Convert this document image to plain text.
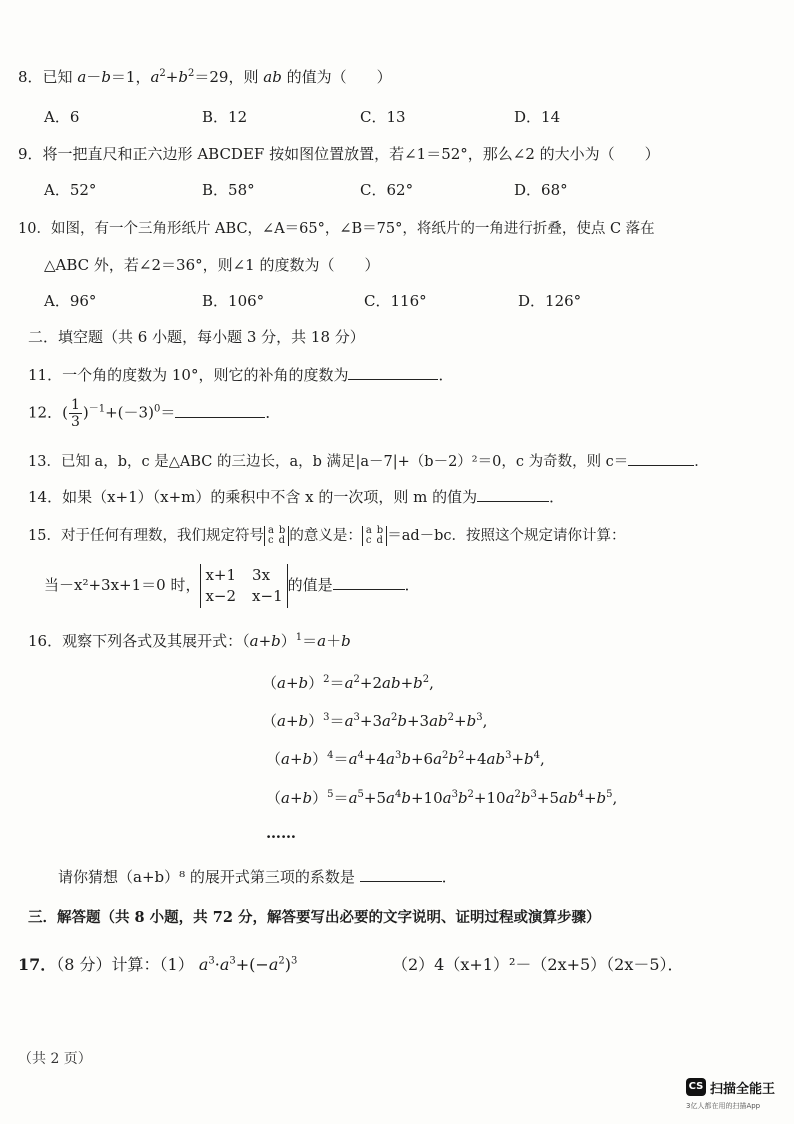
8．已知 a－b＝1，$a^2+b^2=29$，则 ab 的值为（　　）
A．6	B．12	C．13	D．14
9．将一把直尺和正六边形 ABCDEF 按如图位置放置，若∠1＝52°，那么∠2 的大小为（　　）
A．52°	B．58°	C．62°	D．68°
10．如图，有一个三角形纸片 ABC，∠A＝65°，∠B＝75°，将纸片的一角进行折叠，使点 C 落在
△ABC 外，若∠2＝36°，则∠1 的度数为（　　）
A．96°	B．106°	C．116°	D．126°
二．填空题（共 6 小题，每小题 3 分，共 18 分）
11．一个角的度数为 10°，则它的补角的度数为	．
12．( $\frac{1}{3} )^{-1}+(-3)^0=$	．
13．已知 a，b，c 是△ABC 的三边长，a，b 满足|a－7|+（b－2）²＝0，c 为奇数，则 c＝	．
14．如果（x+1）（x+m）的乘积中不含 x 的一次项，则 m 的值为	．
15．对于任何有理数，我们规定符号 a b
c d 的意义是： a b
c d ＝ad－bc．按照这个规定请你计算：
当－x²+3x+1＝0 时，
x+1 3x
x−2 x−1
的值是	．
16．观察下列各式及其展开式：$(a+b)^1=a+b$
$(a+b)^2=a^2+2ab+b^2$,
$(a+b)^3=a^3+3a^2b+3ab^2+b^3$,
$(a+b)^4=a^4+4a^3b+6a^2b^2+4ab^3+b^4$,
$(a+b)^5=a^5+5a^4b+10a^3b^2+10a^2b^3+5ab^4+b^5$,
……
请你猜想（a+b）⁸ 的展开式第三项的系数是	．
三．解答题（共 8 小题，共 72 分，解答要写出必要的文字说明、证明过程或演算步骤）
17．（8 分）计算：（1） $a^3\cdot a^3+(-a^2)^3$	（2）4（x+1）²－（2x+5）（2x－5）．
（共 2 页）
CS 扫描全能王
3亿人都在用的扫描App
